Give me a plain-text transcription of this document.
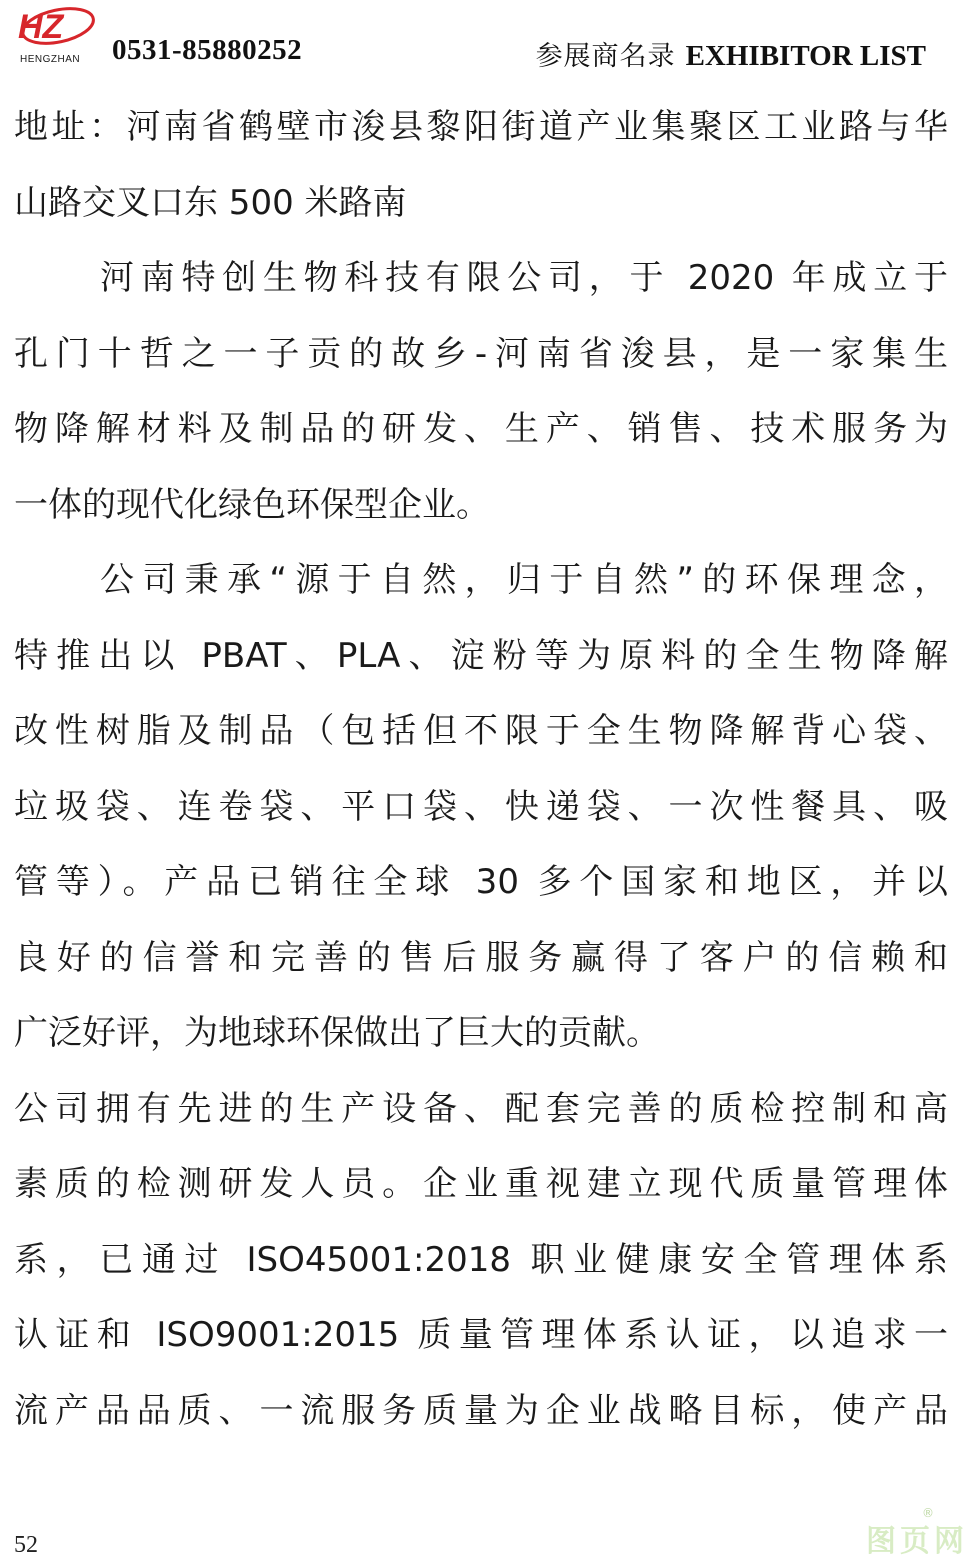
HZ
HENGZHAN 0531-85880252	参展商名录 EXHIBITOR LIST
地址：河南省鹤壁市浚县黎阳街道产业集聚区工业路与华
山路交叉口东 500 米路南
河南特创生物科技有限公司，于 2020 年成立于
孔门十哲之一子贡的故乡-河南省浚县，是一家集生
物降解材料及制品的研发、生产、销售、技术服务为
一体的现代化绿色环保型企业。
公司秉承“源于自然，归于自然”的环保理念，
特推出以 PBAT、PLA、淀粉等为原料的全生物降解
改性树脂及制品（包括但不限于全生物降解背心袋、
垃圾袋、连卷袋、平口袋、快递袋、一次性餐具、吸
管等）。产品已销往全球 30 多个国家和地区，并以
良好的信誉和完善的售后服务赢得了客户的信赖和
广泛好评，为地球环保做出了巨大的贡献。
公司拥有先进的生产设备、配套完善的质检控制和高
素质的检测研发人员。企业重视建立现代质量管理体
系，已通过 ISO45001:2018 职业健康安全管理体系
认证和 ISO9001:2015 质量管理体系认证，以追求一
流产品品质、一流服务质量为企业战略目标，使产品
52
®
图页网
